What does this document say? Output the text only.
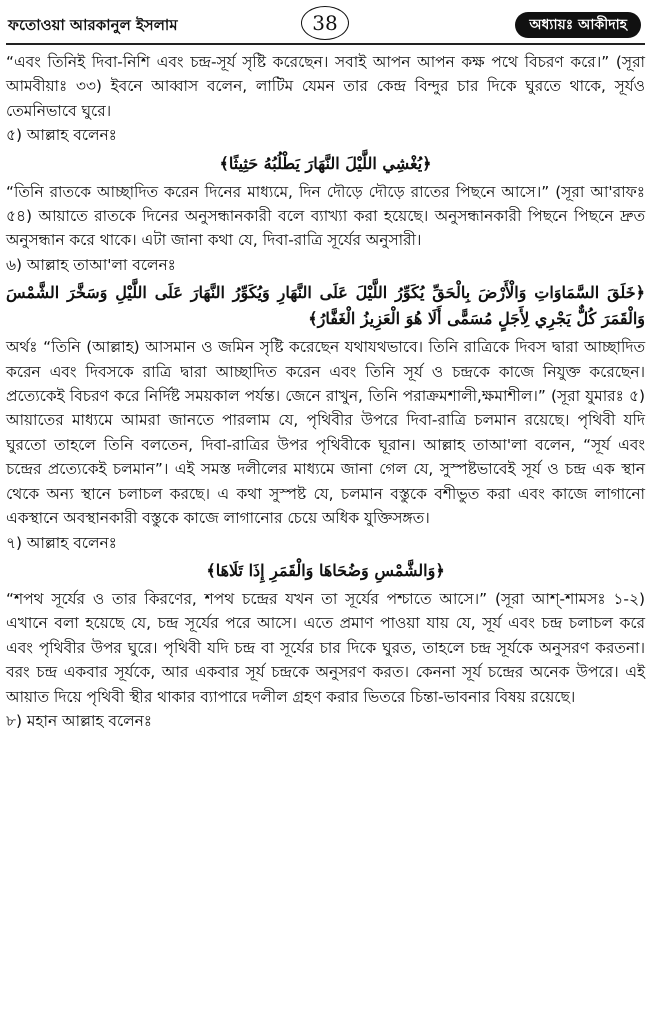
ফতোওয়া আরকানুল ইসলাম	38	অধ্যায়ঃ আকীদাহ
“এবং তিনিই দিবা-নিশি এবং চন্দ্র-সূর্য সৃষ্টি করেছেন। সবাই আপন আপন কক্ষ পথে বিচরণ করে।” (সূরা আমবীয়াঃ ৩৩) ইবনে আব্বাস বলেন, লাটিম যেমন তার কেন্দ্র বিন্দুর চার দিকে ঘুরতে থাকে, সূর্যও তেমনিভাবে ঘুরে।
৫) আল্লাহ বলেনঃ
﴿يُغْشِي اللَّيْلَ النَّهَارَ يَطْلُبُهُ حَثِيثًا﴾
“তিনি রাতকে আচ্ছাদিত করেন দিনের মাধ্যমে, দিন দৌড়ে দৌড়ে রাতের পিছনে আসে।” (সূরা আ'রাফঃ ৫৪) আয়াতে রাতকে দিনের অনুসন্ধানকারী বলে ব্যাখ্যা করা হয়েছে। অনুসন্ধানকারী পিছনে পিছনে দ্রুত অনুসন্ধান করে থাকে। এটা জানা কথা যে, দিবা-রাত্রি সূর্যের অনুসারী।
৬) আল্লাহ তাআ'লা বলেনঃ
﴿خَلَقَ السَّمَاوَاتِ وَالْأَرْضَ بِالْحَقِّ يُكَوِّرُ اللَّيْلَ عَلَى النَّهَارِ وَيُكَوِّرُ النَّهَارَ عَلَى اللَّيْلِ وَسَخَّرَ الشَّمْسَ وَالْقَمَرَ كُلٌّ يَجْرِي لِأَجَلٍ مُسَمًّى أَلَا هُوَ الْعَزِيزُ الْغَفَّارُ﴾
অর্থঃ “তিনি (আল্লাহ) আসমান ও জমিন সৃষ্টি করেছেন যথাযথভাবে। তিনি রাত্রিকে দিবস দ্বারা আচ্ছাদিত করেন এবং দিবসকে রাত্রি দ্বারা আচ্ছাদিত করেন এবং তিনি সূর্য ও চন্দ্রকে কাজে নিযুক্ত করেছেন। প্রত্যেকেই বিচরণ করে নির্দিষ্ট সময়কাল পর্যন্ত। জেনে রাখুন, তিনি পরাক্রমশালী,ক্ষমাশীল।” (সূরা যুমারঃ ৫) আয়াতের মাধ্যমে আমরা জানতে পারলাম যে, পৃথিবীর উপরে দিবা-রাত্রি চলমান রয়েছে। পৃথিবী যদি ঘুরতো তাহলে তিনি বলতেন, দিবা-রাত্রির উপর পৃথিবীকে ঘূরান। আল্লাহ তাআ'লা বলেন, “সূর্য এবং চন্দ্রের প্রত্যেকেই চলমান”। এই সমস্ত দলীলের মাধ্যমে জানা গেল যে, সুস্পষ্টভাবেই সূর্য ও চন্দ্র এক স্থান থেকে অন্য স্থানে চলাচল করছে। এ কথা সুস্পষ্ট যে, চলমান বস্তুকে বশীভুত করা এবং কাজে লাগানো একস্থানে অবস্থানকারী বস্তুকে কাজে লাগানোর চেয়ে অধিক যুক্তিসঙ্গত।
৭) আল্লাহ বলেনঃ
﴿وَالشَّمْسِ وَضُحَاهَا وَالْقَمَرِ إِذَا تَلَاهَا﴾
“শপথ সূর্যের ও তার কিরণের, শপথ চন্দ্রের যখন তা সূর্যের পশ্চাতে আসে।” (সূরা আশ্-শামসঃ ১-২) এখানে বলা হয়েছে যে, চন্দ্র সূর্যের পরে আসে। এতে প্রমাণ পাওয়া যায় যে, সূর্য এবং চন্দ্র চলাচল করে এবং পৃথিবীর উপর ঘুরে। পৃথিবী যদি চন্দ্র বা সূর্যের চার দিকে ঘুরত, তাহলে চন্দ্র সূর্যকে অনুসরণ করতনা। বরং চন্দ্র একবার সূর্যকে, আর একবার সূর্য চন্দ্রকে অনুসরণ করত। কেননা সূর্য চন্দ্রের অনেক উপরে। এই আয়াত দিয়ে পৃথিবী স্থীর থাকার ব্যাপারে দলীল গ্রহণ করার ভিতরে চিন্তা-ভাবনার বিষয় রয়েছে।
৮) মহান আল্লাহ বলেনঃ
